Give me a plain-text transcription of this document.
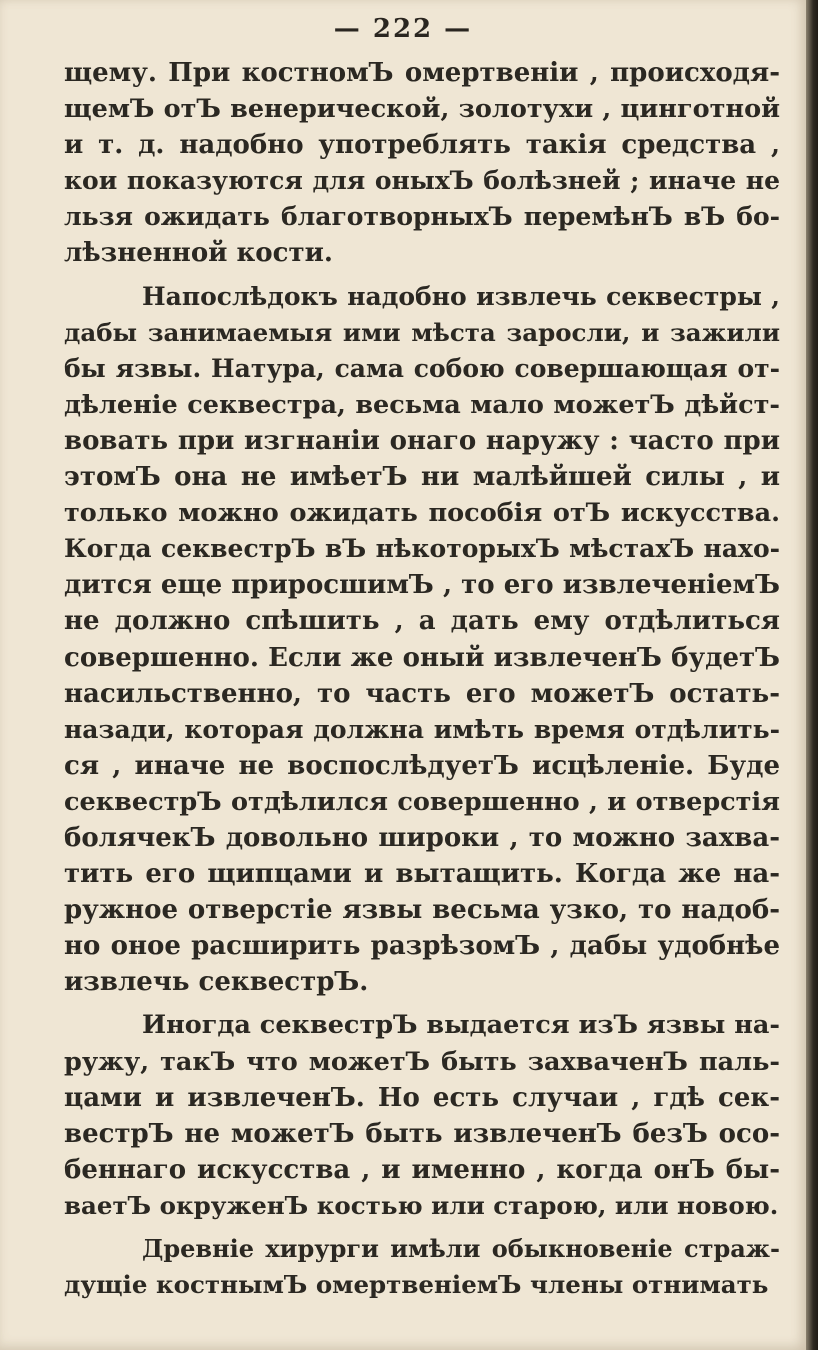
— 222 —
щему. При костномЪ омертвенiи , происходя-
щемЪ отЪ венерической, золотухи , цинготной
и т. д. надобно употреблять такiя средства ,
кои показуются для оныхЪ болѣзней ; иначе не
льзя ожидать благотворныхЪ перемѣнЪ вЪ бо-
лѣзненной кости.
Напослѣдокъ надобно извлечь секвестры ,
дабы занимаемыя ими мѣста заросли, и зажили
бы язвы. Натура, сама собою совершающая от-
дѣленiе секвестра, весьма мало можетЪ дѣйст-
вовать при изгнанiи онаго наружу : часто при
этомЪ она не имѣетЪ ни малѣйшей силы , и
только можно ожидать пособiя отЪ искусства.
Когда секвестрЪ вЪ нѣкоторыхЪ мѣстахЪ нахо-
дится еще приросшимЪ , то его извлеченiемЪ
не должно спѣшить , а дать ему отдѣлиться
совершенно. Если же оный извлеченЪ будетЪ
насильственно, то часть его можетЪ остать-
назади, которая должна имѣть время отдѣлить-
ся , иначе не воспослѣдуетЪ исцѣленiе. Буде
секвестрЪ отдѣлился совершенно , и отверстiя
болячекЪ довольно широки , то можно захва-
тить его щипцами и вытащить. Когда же на-
ружное отверстiе язвы весьма узко, то надоб-
но оное расширить разрѣзомЪ , дабы удобнѣе
извлечь секвестрЪ.
Иногда секвестрЪ выдается изЪ язвы на-
ружу, такЪ что можетЪ быть захваченЪ паль-
цами и извлеченЪ. Но есть случаи , гдѣ сек-
вестрЪ не можетЪ быть извлеченЪ безЪ осо-
беннаго искусства , и именно , когда онЪ бы-
ваетЪ окруженЪ костью или старою, или новою.
Древнiе хирурги имѣли обыкновенiе страж-
дущiе костнымЪ омертвенiемЪ члены отнимать
